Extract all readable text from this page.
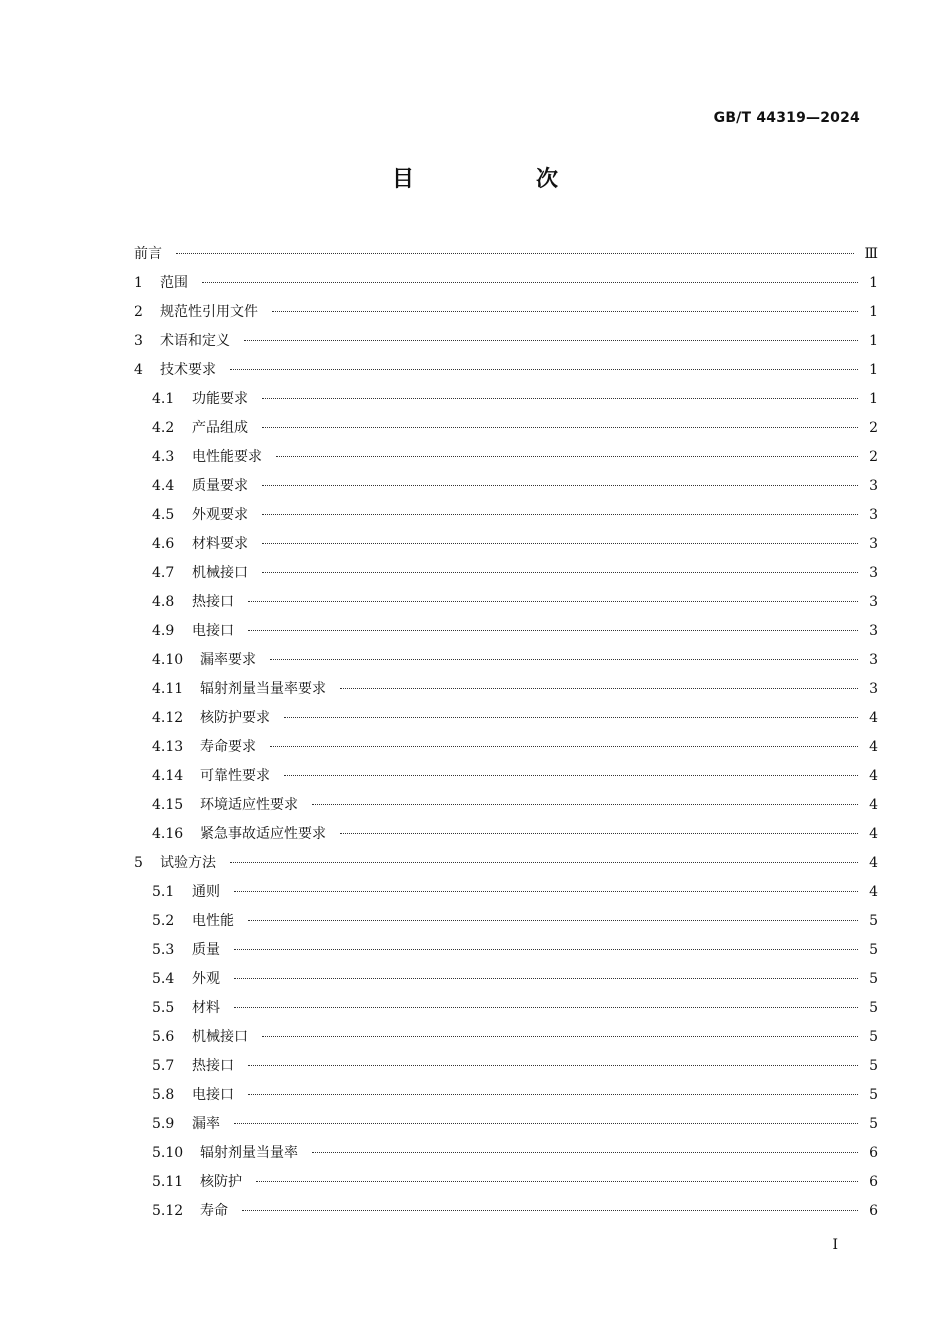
GB/T 44319—2024
目　次
前言	Ⅲ
1	范围	1
2	规范性引用文件	1
3	术语和定义	1
4	技术要求	1
4.1	功能要求	1
4.2	产品组成	2
4.3	电性能要求	2
4.4	质量要求	3
4.5	外观要求	3
4.6	材料要求	3
4.7	机械接口	3
4.8	热接口	3
4.9	电接口	3
4.10	漏率要求	3
4.11	辐射剂量当量率要求	3
4.12	核防护要求	4
4.13	寿命要求	4
4.14	可靠性要求	4
4.15	环境适应性要求	4
4.16	紧急事故适应性要求	4
5	试验方法	4
5.1	通则	4
5.2	电性能	5
5.3	质量	5
5.4	外观	5
5.5	材料	5
5.6	机械接口	5
5.7	热接口	5
5.8	电接口	5
5.9	漏率	5
5.10	辐射剂量当量率	6
5.11	核防护	6
5.12	寿命	6
Ⅰ
